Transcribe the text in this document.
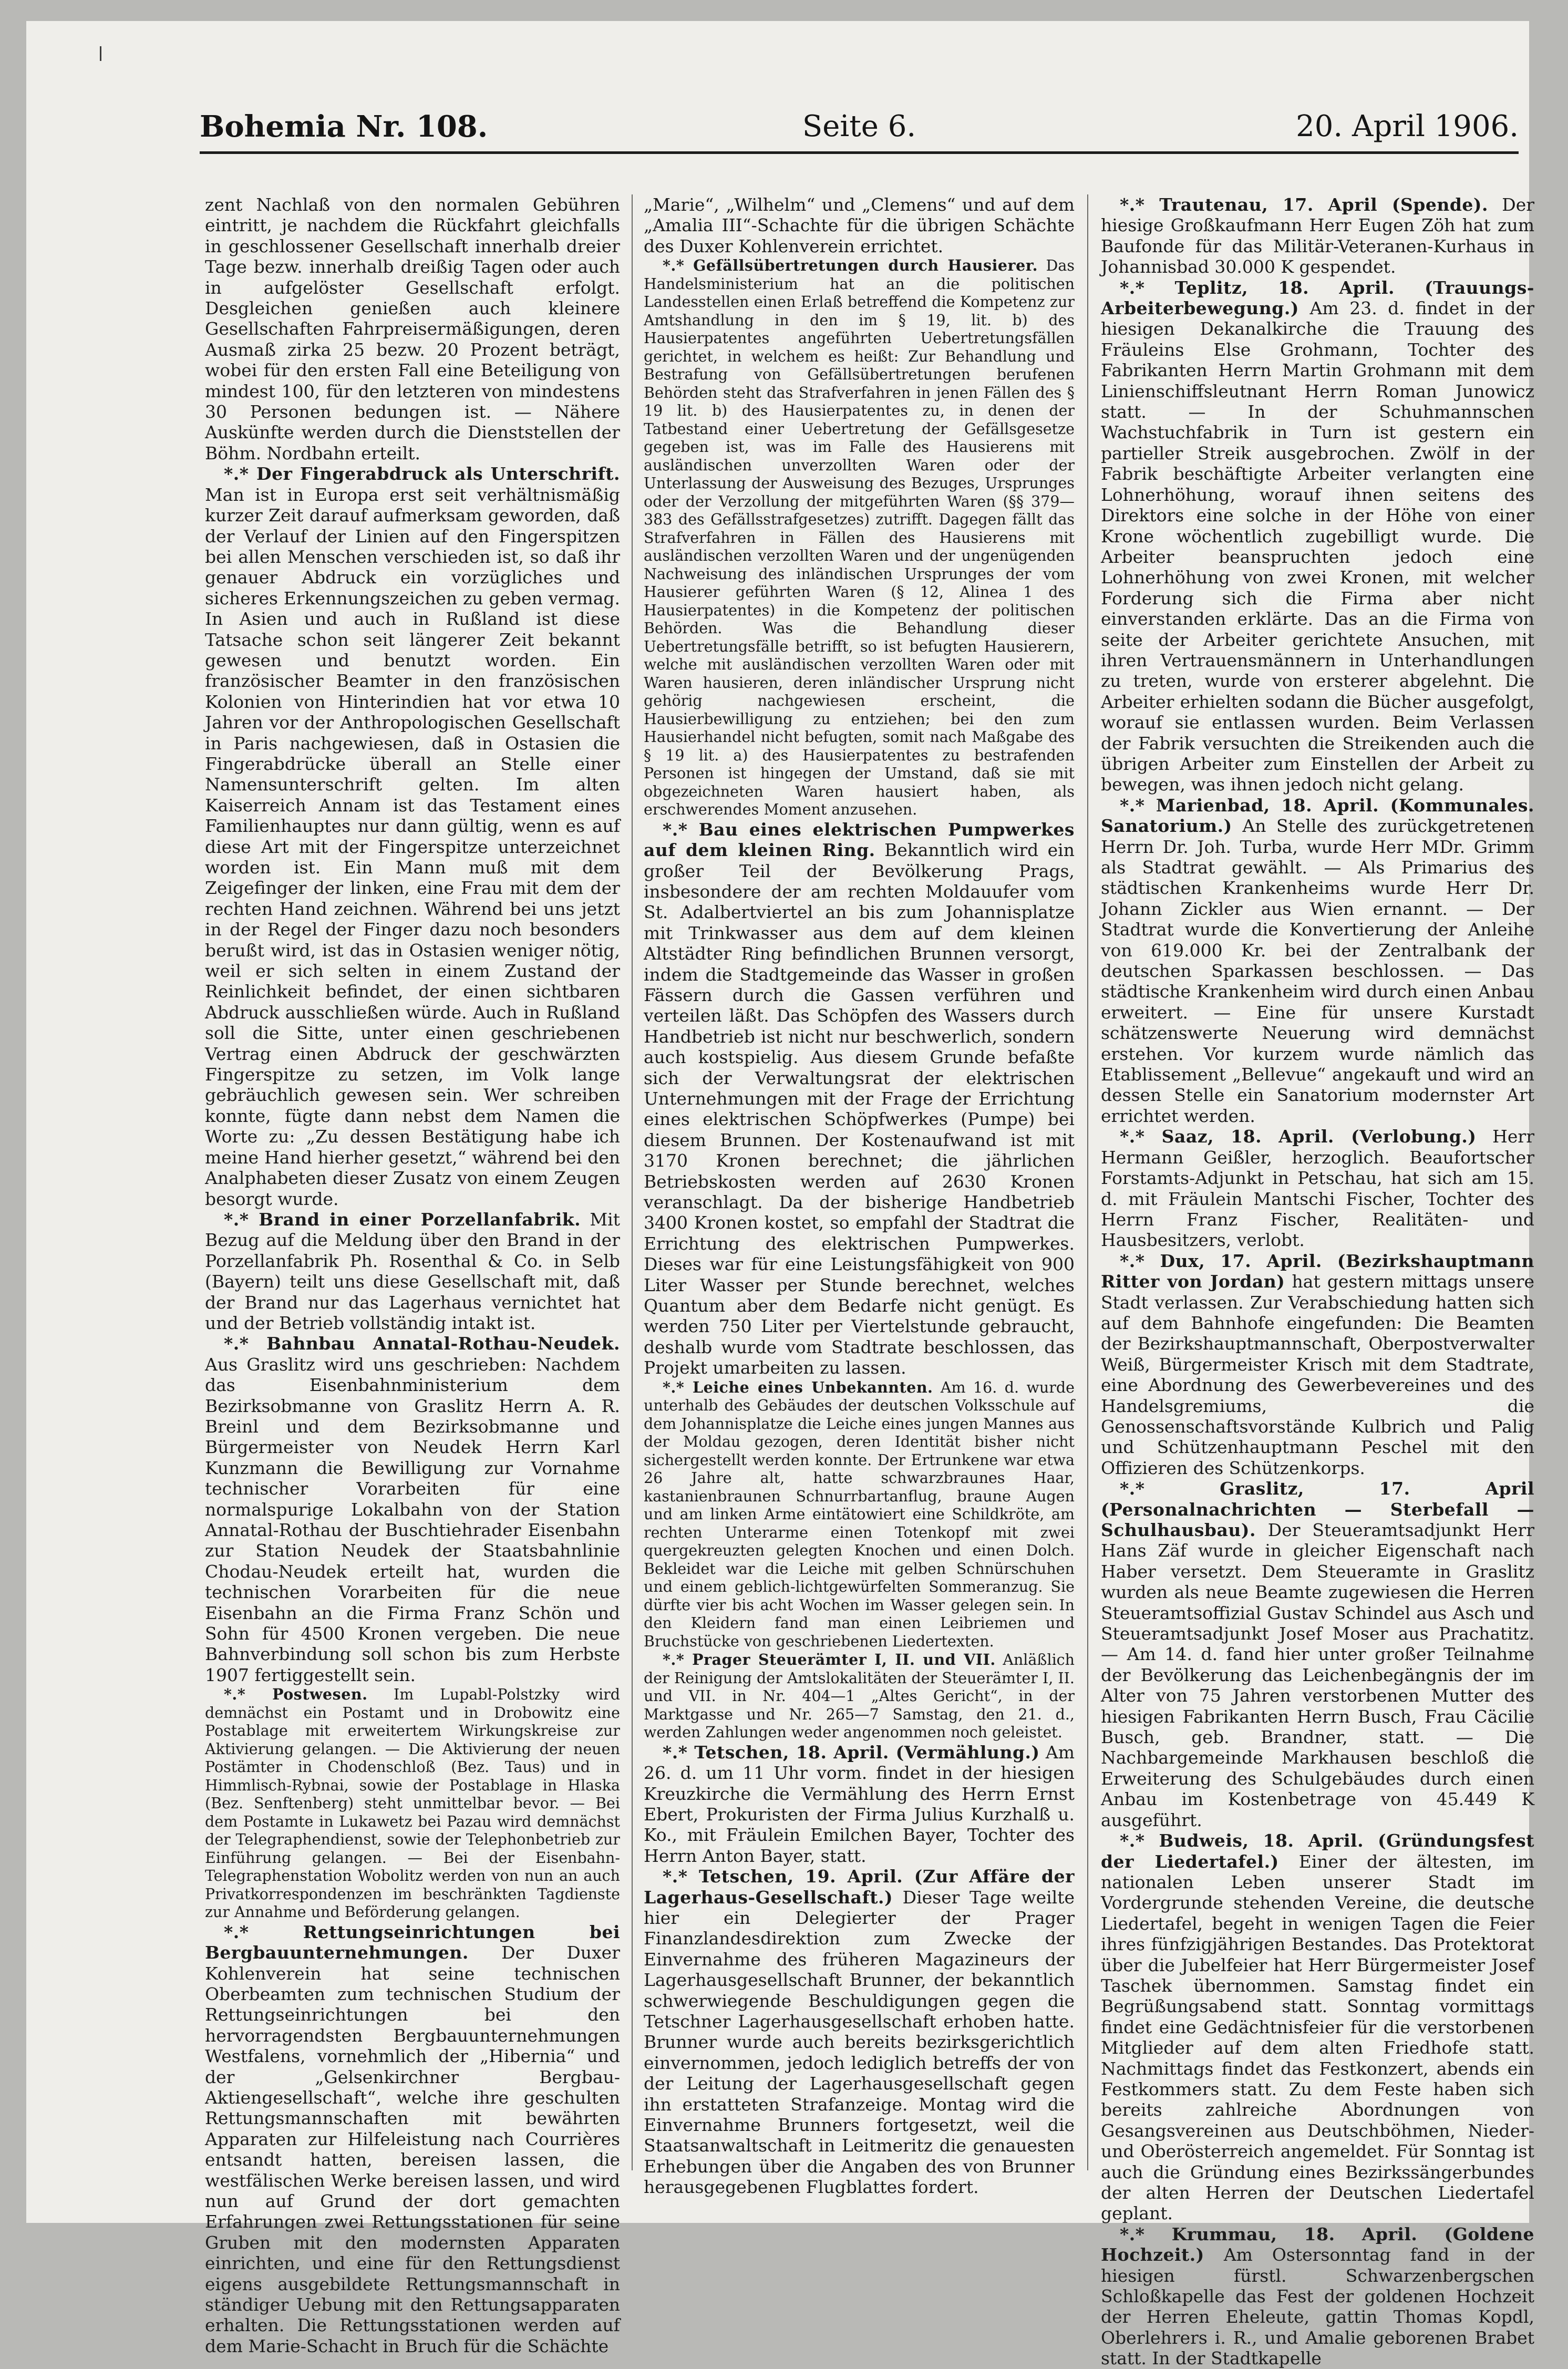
Bohemia Nr. 108.	Seite 6.	20. April 1906.

zent Nachlaß von den normalen Gebühren eintritt, je nachdem die Rückfahrt gleichfalls in geschlossener Gesellschaft innerhalb dreier Tage bezw. innerhalb dreißig Tagen oder auch in aufgelöster Gesellschaft erfolgt. Desgleichen genießen auch kleinere Gesellschaften Fahrpreisermäßigungen, deren Ausmaß zirka 25 bezw. 20 Prozent beträgt, wobei für den ersten Fall eine Beteiligung von mindest 100, für den letzteren von mindestens 30 Personen bedungen ist. — Nähere Auskünfte werden durch die Dienststellen der Böhm. Nordbahn erteilt.

*.* Der Fingerabdruck als Unterschrift. Man ist in Europa erst seit verhältnismäßig kurzer Zeit darauf aufmerksam geworden, daß der Verlauf der Linien auf den Fingerspitzen bei allen Menschen verschieden ist, so daß ihr genauer Abdruck ein vorzügliches und sicheres Erkennungszeichen zu geben vermag. In Asien und auch in Rußland ist diese Tatsache schon seit längerer Zeit bekannt gewesen und benutzt worden. Ein französischer Beamter in den französischen Kolonien von Hinterindien hat vor etwa 10 Jahren vor der Anthropologischen Gesellschaft in Paris nachgewiesen, daß in Ostasien die Fingerabdrücke überall an Stelle einer Namensunterschrift gelten. Im alten Kaiserreich Annam ist das Testament eines Familienhauptes nur dann gültig, wenn es auf diese Art mit der Fingerspitze unterzeichnet worden ist. Ein Mann muß mit dem Zeigefinger der linken, eine Frau mit dem der rechten Hand zeichnen. Während bei uns jetzt in der Regel der Finger dazu noch besonders berußt wird, ist das in Ostasien weniger nötig, weil er sich selten in einem Zustand der Reinlichkeit befindet, der einen sichtbaren Abdruck ausschließen würde. Auch in Rußland soll die Sitte, unter einen geschriebenen Vertrag einen Abdruck der geschwärzten Fingerspitze zu setzen, im Volk lange gebräuchlich gewesen sein. Wer schreiben konnte, fügte dann nebst dem Namen die Worte zu: „Zu dessen Bestätigung habe ich meine Hand hierher gesetzt,“ während bei den Analphabeten dieser Zusatz von einem Zeugen besorgt wurde.

*.* Brand in einer Porzellanfabrik. Mit Bezug auf die Meldung über den Brand in der Porzellanfabrik Ph. Rosenthal & Co. in Selb (Bayern) teilt uns diese Gesellschaft mit, daß der Brand nur das Lagerhaus vernichtet hat und der Betrieb vollständig intakt ist.

*.* Bahnbau Annatal-Rothau-Neudek. Aus Graslitz wird uns geschrieben: Nachdem das Eisenbahnministerium dem Bezirksobmanne von Graslitz Herrn A. R. Breinl und dem Bezirksobmanne und Bürgermeister von Neudek Herrn Karl Kunzmann die Bewilligung zur Vornahme technischer Vorarbeiten für eine normalspurige Lokalbahn von der Station Annatal-Rothau der Buschtiehrader Eisenbahn zur Station Neudek der Staatsbahnlinie Chodau-Neudek erteilt hat, wurden die technischen Vorarbeiten für die neue Eisenbahn an die Firma Franz Schön und Sohn für 4500 Kronen vergeben. Die neue Bahnverbindung soll schon bis zum Herbste 1907 fertiggestellt sein.

*.* Postwesen. Im Lupabl-Polstzky wird demnächst ein Postamt und in Drobowitz eine Postablage mit erweitertem Wirkungskreise zur Aktivierung gelangen. — Die Aktivierung der neuen Postämter in Chodenschloß (Bez. Taus) und in Himmlisch-Rybnai, sowie der Postablage in Hlaska (Bez. Senftenberg) steht unmittelbar bevor. — Bei dem Postamte in Lukawetz bei Pazau wird demnächst der Telegraphendienst, sowie der Telephonbetrieb zur Einführung gelangen. — Bei der Eisenbahn-Telegraphenstation Wobolitz werden von nun an auch Privatkorrespondenzen im beschränkten Tagdienste zur Annahme und Beförderung gelangen.

*.* Rettungseinrichtungen bei Bergbauunternehmungen. Der Duxer Kohlenverein hat seine technischen Oberbeamten zum technischen Studium der Rettungseinrichtungen bei den hervorragendsten Bergbauunternehmungen Westfalens, vornehmlich der „Hibernia“ und der „Gelsenkirchner Bergbau-Aktiengesellschaft“, welche ihre geschulten Rettungsmannschaften mit bewährten Apparaten zur Hilfeleistung nach Courrières entsandt hatten, bereisen lassen, die westfälischen Werke bereisen lassen, und wird nun auf Grund der dort gemachten Erfahrungen zwei Rettungsstationen für seine Gruben mit den modernsten Apparaten einrichten, und eine für den Rettungsdienst eigens ausgebildete Rettungsmannschaft in ständiger Uebung mit den Rettungsapparaten erhalten. Die Rettungsstationen werden auf dem Marie-Schacht in Bruch für die Schächte

„Marie“, „Wilhelm“ und „Clemens“ und auf dem „Amalia III“-Schachte für die übrigen Schächte des Duxer Kohlenverein errichtet.

*.* Gefällsübertretungen durch Hausierer. Das Handelsministerium hat an die politischen Landesstellen einen Erlaß betreffend die Kompetenz zur Amtshandlung in den im § 19, lit. b) des Hausierpatentes angeführten Uebertretungsfällen gerichtet, in welchem es heißt: Zur Behandlung und Bestrafung von Gefällsübertretungen berufenen Behörden steht das Strafverfahren in jenen Fällen des § 19 lit. b) des Hausierpatentes zu, in denen der Tatbestand einer Uebertretung der Gefällsgesetze gegeben ist, was im Falle des Hausierens mit ausländischen unverzollten Waren oder der Unterlassung der Ausweisung des Bezuges, Ursprunges oder der Verzollung der mitgeführten Waren (§§ 379—383 des Gefällsstrafgesetzes) zutrifft. Dagegen fällt das Strafverfahren in Fällen des Hausierens mit ausländischen verzollten Waren und der ungenügenden Nachweisung des inländischen Ursprunges der vom Hausierer geführten Waren (§ 12, Alinea 1 des Hausierpatentes) in die Kompetenz der politischen Behörden. Was die Behandlung dieser Uebertretungsfälle betrifft, so ist befugten Hausierern, welche mit ausländischen verzollten Waren oder mit Waren hausieren, deren inländischer Ursprung nicht gehörig nachgewiesen erscheint, die Hausierbewilligung zu entziehen; bei den zum Hausierhandel nicht befugten, somit nach Maßgabe des § 19 lit. a) des Hausierpatentes zu bestrafenden Personen ist hingegen der Umstand, daß sie mit obgezeichneten Waren hausiert haben, als erschwerendes Moment anzusehen.

*.* Bau eines elektrischen Pumpwerkes auf dem kleinen Ring. Bekanntlich wird ein großer Teil der Bevölkerung Prags, insbesondere der am rechten Moldauufer vom St. Adalbertviertel an bis zum Johannisplatze mit Trinkwasser aus dem auf dem kleinen Altstädter Ring befindlichen Brunnen versorgt, indem die Stadtgemeinde das Wasser in großen Fässern durch die Gassen verführen und verteilen läßt. Das Schöpfen des Wassers durch Handbetrieb ist nicht nur beschwerlich, sondern auch kostspielig. Aus diesem Grunde befaßte sich der Verwaltungsrat der elektrischen Unternehmungen mit der Frage der Errichtung eines elektrischen Schöpfwerkes (Pumpe) bei diesem Brunnen. Der Kostenaufwand ist mit 3170 Kronen berechnet; die jährlichen Betriebskosten werden auf 2630 Kronen veranschlagt. Da der bisherige Handbetrieb 3400 Kronen kostet, so empfahl der Stadtrat die Errichtung des elektrischen Pumpwerkes. Dieses war für eine Leistungsfähigkeit von 900 Liter Wasser per Stunde berechnet, welches Quantum aber dem Bedarfe nicht genügt. Es werden 750 Liter per Viertelstunde gebraucht, deshalb wurde vom Stadtrate beschlossen, das Projekt umarbeiten zu lassen.

*.* Leiche eines Unbekannten. Am 16. d. wurde unterhalb des Gebäudes der deutschen Volksschule auf dem Johannisplatze die Leiche eines jungen Mannes aus der Moldau gezogen, deren Identität bisher nicht sichergestellt werden konnte. Der Ertrunkene war etwa 26 Jahre alt, hatte schwarzbraunes Haar, kastanienbraunen Schnurrbartanflug, braune Augen und am linken Arme eintätowiert eine Schildkröte, am rechten Unterarme einen Totenkopf mit zwei quergekreuzten gelegten Knochen und einen Dolch. Bekleidet war die Leiche mit gelben Schnürschuhen und einem geblich-lichtgewürfelten Sommeranzug. Sie dürfte vier bis acht Wochen im Wasser gelegen sein. In den Kleidern fand man einen Leibriemen und Bruchstücke von geschriebenen Liedertexten.

*.* Prager Steuerämter I, II. und VII. Anläßlich der Reinigung der Amtslokalitäten der Steuerämter I, II. und VII. in Nr. 404—1 „Altes Gericht“, in der Marktgasse und Nr. 265—7 Samstag, den 21. d., werden Zahlungen weder angenommen noch geleistet.

*.* Tetschen, 18. April. (Vermählung.) Am 26. d. um 11 Uhr vorm. findet in der hiesigen Kreuzkirche die Vermählung des Herrn Ernst Ebert, Prokuristen der Firma Julius Kurzhalß u. Ko., mit Fräulein Emilchen Bayer, Tochter des Herrn Anton Bayer, statt.

*.* Tetschen, 19. April. (Zur Affäre der Lagerhaus-Gesellschaft.) Dieser Tage weilte hier ein Delegierter der Prager Finanzlandesdirektion zum Zwecke der Einvernahme des früheren Magazineurs der Lagerhausgesellschaft Brunner, der bekanntlich schwerwiegende Beschuldigungen gegen die Tetschner Lagerhausgesellschaft erhoben hatte. Brunner wurde auch bereits bezirksgerichtlich einvernommen, jedoch lediglich betreffs der von der Leitung der Lagerhausgesellschaft gegen ihn erstatteten Strafanzeige. Montag wird die Einvernahme Brunners fortgesetzt, weil die Staatsanwaltschaft in Leitmeritz die genauesten Erhebungen über die Angaben des von Brunner herausgegebenen Flugblattes fordert.

*.* Trautenau, 17. April (Spende). Der hiesige Großkaufmann Herr Eugen Zöh hat zum Baufonde für das Militär-Veteranen-Kurhaus in Johannisbad 30.000 K gespendet.

*.* Teplitz, 18. April. (Trauungs-Arbeiterbewegung.) Am 23. d. findet in der hiesigen Dekanalkirche die Trauung des Fräuleins Else Grohmann, Tochter des Fabrikanten Herrn Martin Grohmann mit dem Linienschiffsleutnant Herrn Roman Junowicz statt. — In der Schuhmannschen Wachstuchfabrik in Turn ist gestern ein partieller Streik ausgebrochen. Zwölf in der Fabrik beschäftigte Arbeiter verlangten eine Lohnerhöhung, worauf ihnen seitens des Direktors eine solche in der Höhe von einer Krone wöchentlich zugebilligt wurde. Die Arbeiter beanspruchten jedoch eine Lohnerhöhung von zwei Kronen, mit welcher Forderung sich die Firma aber nicht einverstanden erklärte. Das an die Firma von seite der Arbeiter gerichtete Ansuchen, mit ihren Vertrauensmännern in Unterhandlungen zu treten, wurde von ersterer abgelehnt. Die Arbeiter erhielten sodann die Bücher ausgefolgt, worauf sie entlassen wurden. Beim Verlassen der Fabrik versuchten die Streikenden auch die übrigen Arbeiter zum Einstellen der Arbeit zu bewegen, was ihnen jedoch nicht gelang.

*.* Marienbad, 18. April. (Kommunales. Sanatorium.) An Stelle des zurückgetretenen Herrn Dr. Joh. Turba, wurde Herr MDr. Grimm als Stadtrat gewählt. — Als Primarius des städtischen Krankenheims wurde Herr Dr. Johann Zickler aus Wien ernannt. — Der Stadtrat wurde die Konvertierung der Anleihe von 619.000 Kr. bei der Zentralbank der deutschen Sparkassen beschlossen. — Das städtische Krankenheim wird durch einen Anbau erweitert. — Eine für unsere Kurstadt schätzenswerte Neuerung wird demnächst erstehen. Vor kurzem wurde nämlich das Etablissement „Bellevue“ angekauft und wird an dessen Stelle ein Sanatorium modernster Art errichtet werden.

*.* Saaz, 18. April. (Verlobung.) Herr Hermann Geißler, herzoglich. Beaufortscher Forstamts-Adjunkt in Petschau, hat sich am 15. d. mit Fräulein Mantschi Fischer, Tochter des Herrn Franz Fischer, Realitäten- und Hausbesitzers, verlobt.

*.* Dux, 17. April. (Bezirkshauptmann Ritter von Jordan) hat gestern mittags unsere Stadt verlassen. Zur Verabschiedung hatten sich auf dem Bahnhofe eingefunden: Die Beamten der Bezirkshauptmannschaft, Oberpostverwalter Weiß, Bürgermeister Krisch mit dem Stadtrate, eine Abordnung des Gewerbevereines und des Handelsgremiums, die Genossenschaftsvorstände Kulbrich und Palig und Schützenhauptmann Peschel mit den Offizieren des Schützenkorps.

*.* Graslitz, 17. April (Personalnachrichten — Sterbefall — Schulhausbau). Der Steueramtsadjunkt Herr Hans Zäf wurde in gleicher Eigenschaft nach Haber versetzt. Dem Steueramte in Graslitz wurden als neue Beamte zugewiesen die Herren Steueramtsoffizial Gustav Schindel aus Asch und Steueramtsadjunkt Josef Moser aus Prachatitz. — Am 14. d. fand hier unter großer Teilnahme der Bevölkerung das Leichenbegängnis der im Alter von 75 Jahren verstorbenen Mutter des hiesigen Fabrikanten Herrn Busch, Frau Cäcilie Busch, geb. Brandner, statt. — Die Nachbargemeinde Markhausen beschloß die Erweiterung des Schulgebäudes durch einen Anbau im Kostenbetrage von 45.449 K ausgeführt.

*.* Budweis, 18. April. (Gründungsfest der Liedertafel.) Einer der ältesten, im nationalen Leben unserer Stadt im Vordergrunde stehenden Vereine, die deutsche Liedertafel, begeht in wenigen Tagen die Feier ihres fünfzigjährigen Bestandes. Das Protektorat über die Jubelfeier hat Herr Bürgermeister Josef Taschek übernommen. Samstag findet ein Begrüßungsabend statt. Sonntag vormittags findet eine Gedächtnisfeier für die verstorbenen Mitglieder auf dem alten Friedhofe statt. Nachmittags findet das Festkonzert, abends ein Festkommers statt. Zu dem Feste haben sich bereits zahlreiche Abordnungen von Gesangsvereinen aus Deutschböhmen, Nieder- und Oberösterreich angemeldet. Für Sonntag ist auch die Gründung eines Bezirkssängerbundes der alten Herren der Deutschen Liedertafel geplant.

*.* Krummau, 18. April. (Goldene Hochzeit.) Am Ostersonntag fand in der hiesigen fürstl. Schwarzenbergschen Schloßkapelle das Fest der goldenen Hochzeit der Herren Eheleute, gattin Thomas Kopdl, Oberlehrers i. R., und Amalie geborenen Brabet statt. In der Stadtkapelle
